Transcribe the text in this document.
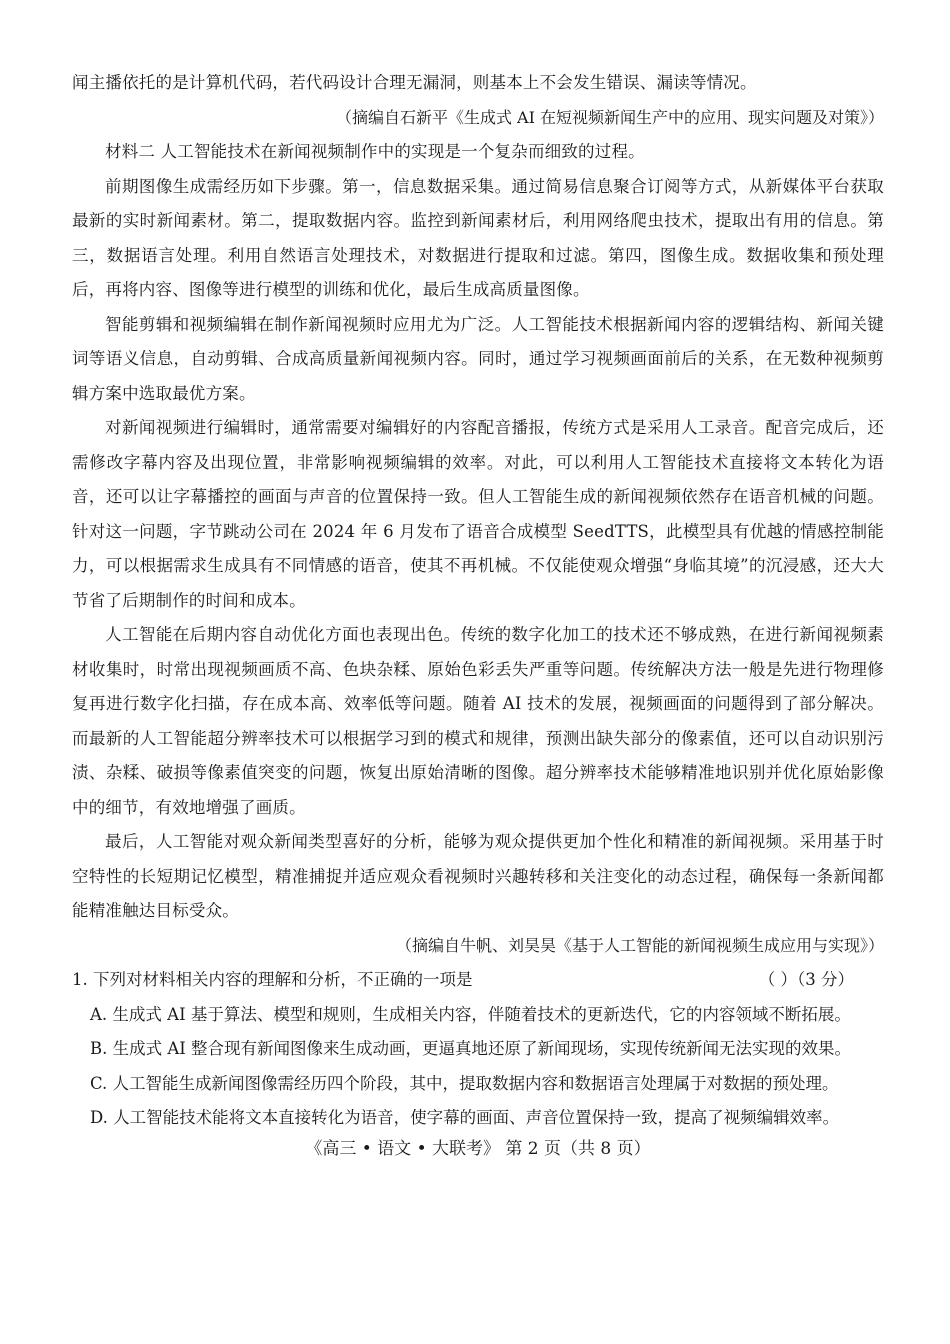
闻主播依托的是计算机代码，若代码设计合理无漏洞，则基本上不会发生错误、漏读等情况。

（摘编自石新平《生成式 AI 在短视频新闻生产中的应用、现实问题及对策》）

材料二 人工智能技术在新闻视频制作中的实现是一个复杂而细致的过程。

前期图像生成需经历如下步骤。第一，信息数据采集。通过简易信息聚合订阅等方式，从新媒体平台获取最新的实时新闻素材。第二，提取数据内容。监控到新闻素材后，利用网络爬虫技术，提取出有用的信息。第三，数据语言处理。利用自然语言处理技术，对数据进行提取和过滤。第四，图像生成。数据收集和预处理后，再将内容、图像等进行模型的训练和优化，最后生成高质量图像。

智能剪辑和视频编辑在制作新闻视频时应用尤为广泛。人工智能技术根据新闻内容的逻辑结构、新闻关键词等语义信息，自动剪辑、合成高质量新闻视频内容。同时，通过学习视频画面前后的关系，在无数种视频剪辑方案中选取最优方案。

对新闻视频进行编辑时，通常需要对编辑好的内容配音播报，传统方式是采用人工录音。配音完成后，还需修改字幕内容及出现位置，非常影响视频编辑的效率。对此，可以利用人工智能技术直接将文本转化为语音，还可以让字幕播控的画面与声音的位置保持一致。但人工智能生成的新闻视频依然存在语音机械的问题。针对这一问题，字节跳动公司在 2024 年 6 月发布了语音合成模型 SeedTTS，此模型具有优越的情感控制能力，可以根据需求生成具有不同情感的语音，使其不再机械。不仅能使观众增强“身临其境”的沉浸感，还大大节省了后期制作的时间和成本。

人工智能在后期内容自动优化方面也表现出色。传统的数字化加工的技术还不够成熟，在进行新闻视频素材收集时，时常出现视频画质不高、色块杂糅、原始色彩丢失严重等问题。传统解决方法一般是先进行物理修复再进行数字化扫描，存在成本高、效率低等问题。随着 AI 技术的发展，视频画面的问题得到了部分解决。而最新的人工智能超分辨率技术可以根据学习到的模式和规律，预测出缺失部分的像素值，还可以自动识别污渍、杂糅、破损等像素值突变的问题，恢复出原始清晰的图像。超分辨率技术能够精准地识别并优化原始影像中的细节，有效地增强了画质。

最后，人工智能对观众新闻类型喜好的分析，能够为观众提供更加个性化和精准的新闻视频。采用基于时空特性的长短期记忆模型，精准捕捉并适应观众看视频时兴趣转移和关注变化的动态过程，确保每一条新闻都能精准触达目标受众。

（摘编自牛帆、刘昊昊《基于人工智能的新闻视频生成应用与实现》）

1. 下列对材料相关内容的理解和分析，不正确的一项是	（ ）（3 分）

A. 生成式 AI 基于算法、模型和规则，生成相关内容，伴随着技术的更新迭代，它的内容领域不断拓展。

B. 生成式 AI 整合现有新闻图像来生成动画，更逼真地还原了新闻现场，实现传统新闻无法实现的效果。

C. 人工智能生成新闻图像需经历四个阶段，其中，提取数据内容和数据语言处理属于对数据的预处理。

D. 人工智能技术能将文本直接转化为语音，使字幕的画面、声音位置保持一致，提高了视频编辑效率。

《高三 • 语文 • 大联考》 第 2 页（共 8 页）
